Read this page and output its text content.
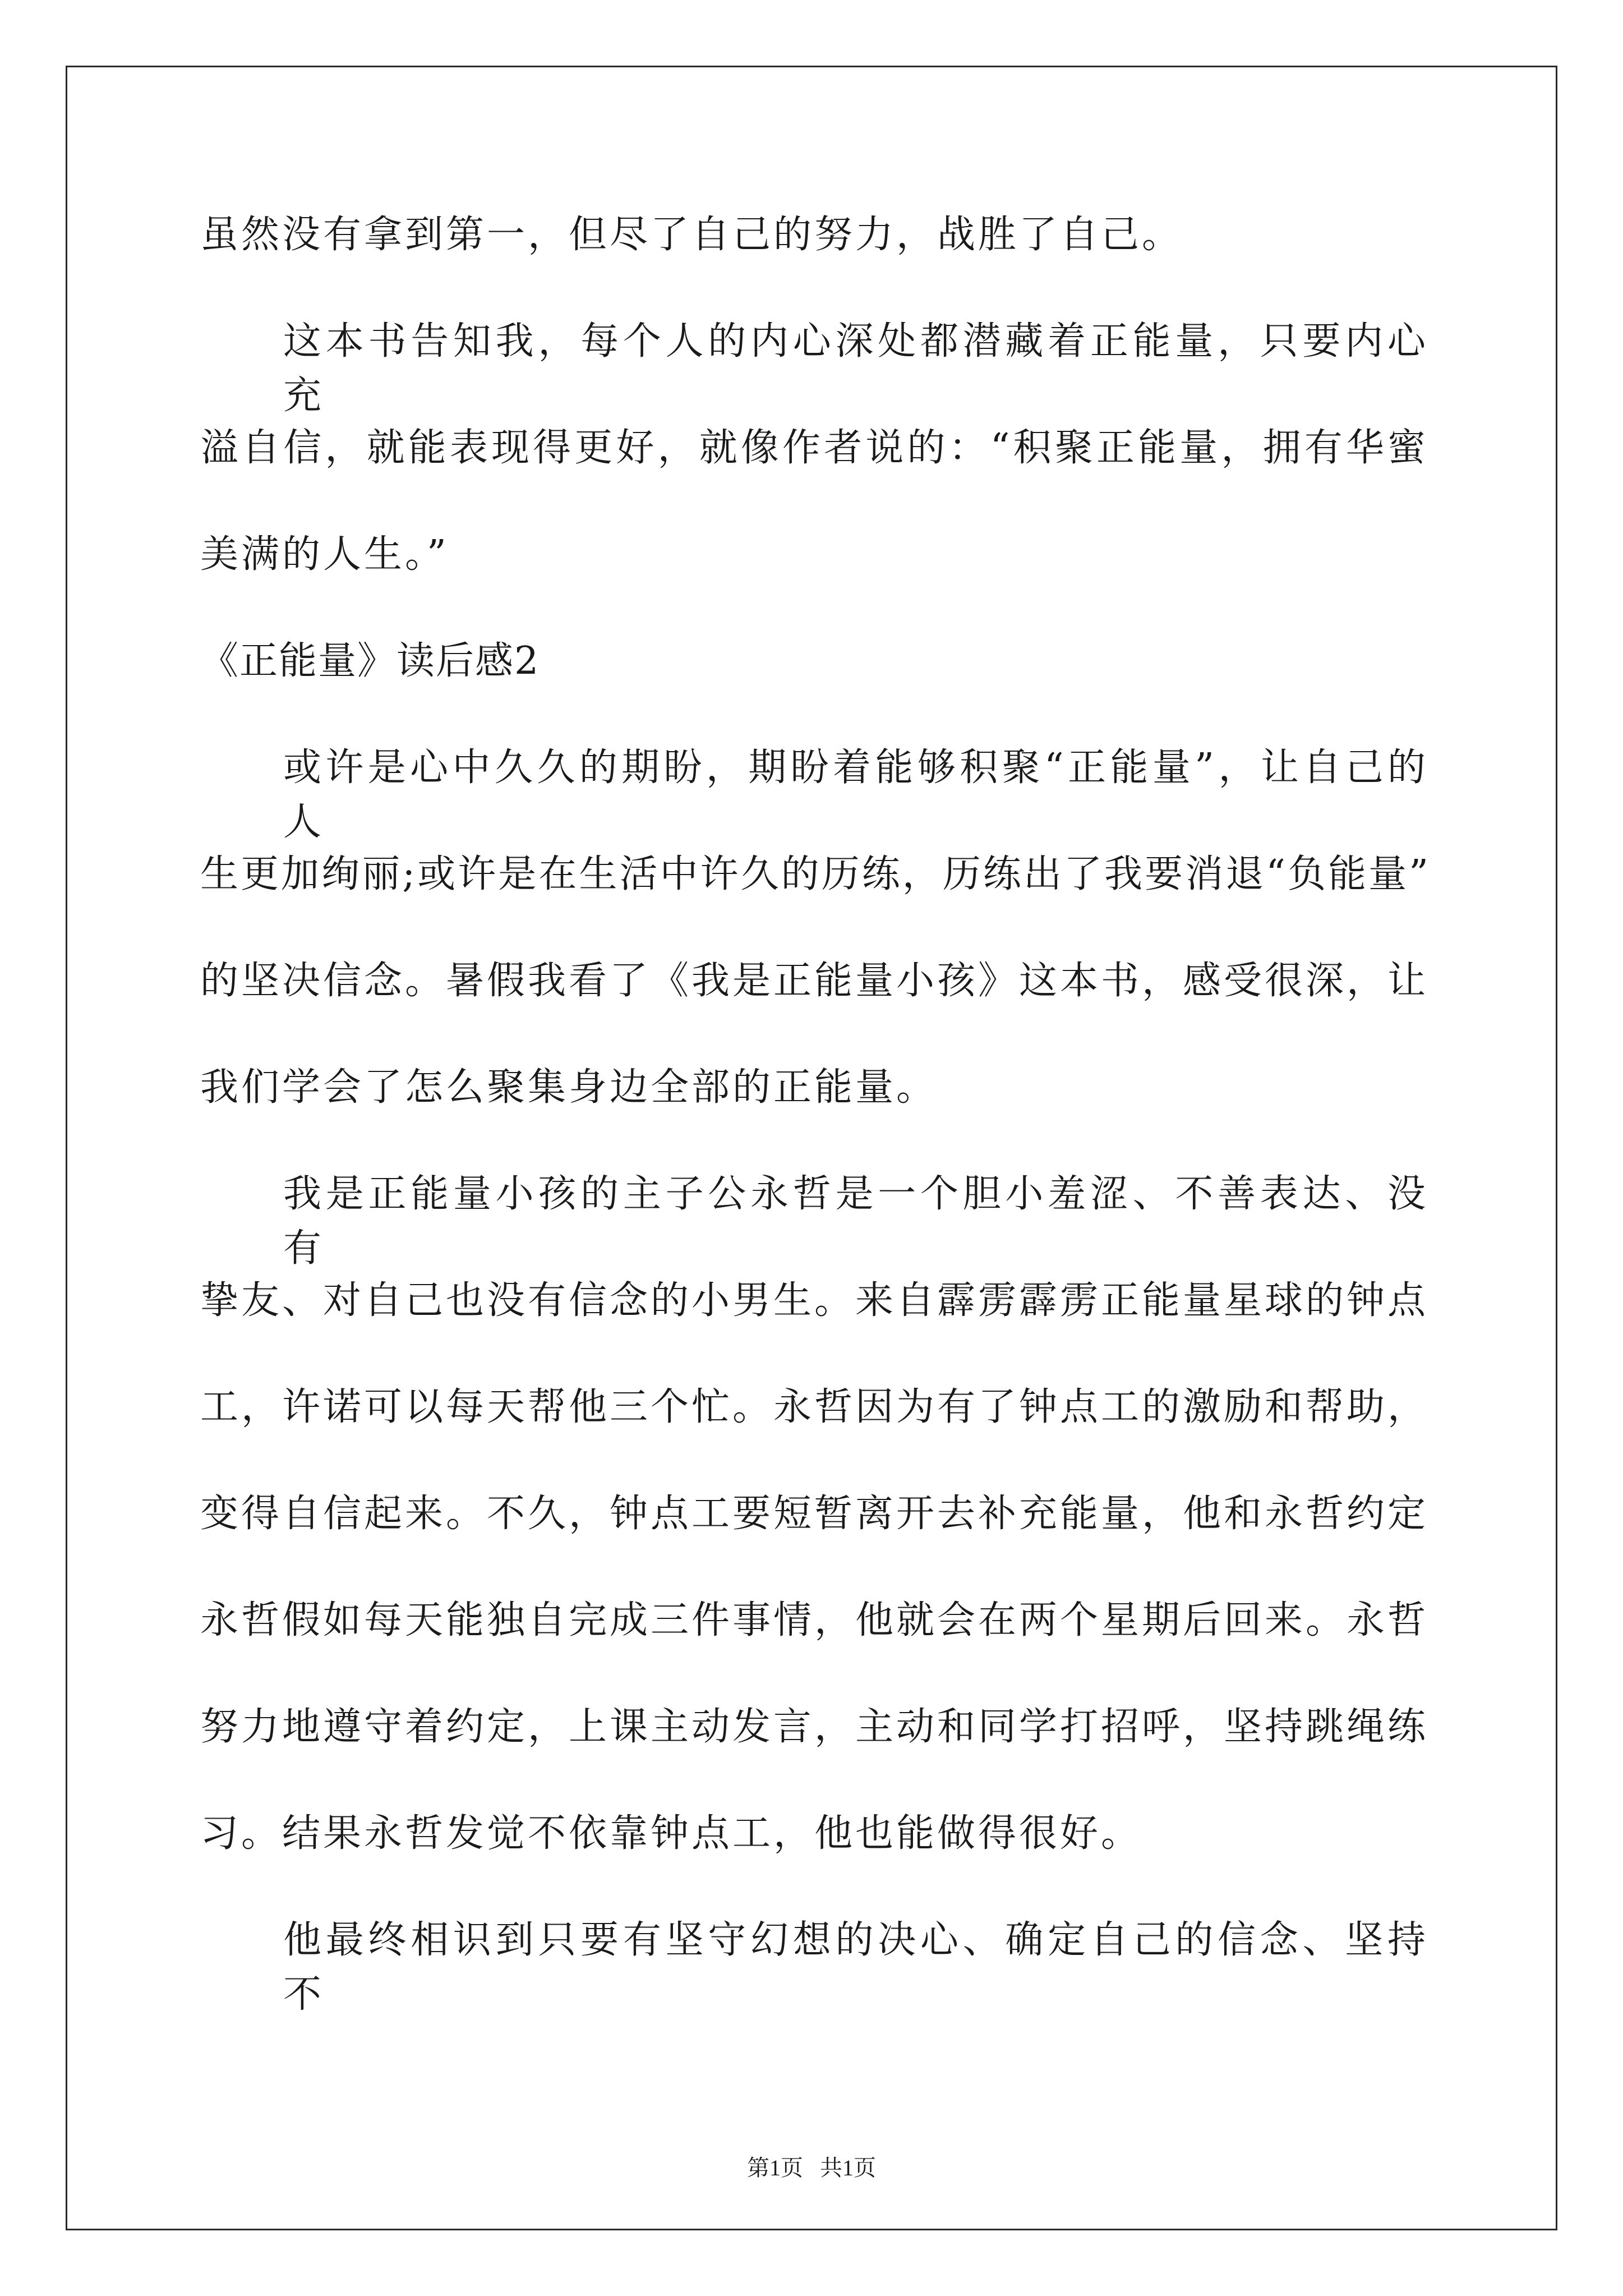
虽然没有拿到第一，但尽了自己的努力，战胜了自己。
这本书告知我，每个人的内心深处都潜藏着正能量，只要内心充
溢自信，就能表现得更好，就像作者说的：“积聚正能量，拥有华蜜
美满的人生。”
《正能量》读后感2
或许是心中久久的期盼，期盼着能够积聚“正能量”，让自己的人
生更加绚丽;或许是在生活中许久的历练，历练出了我要消退“负能量”
的坚决信念。暑假我看了《我是正能量小孩》这本书，感受很深，让
我们学会了怎么聚集身边全部的正能量。
我是正能量小孩的主子公永哲是一个胆小羞涩、不善表达、没有
挚友、对自己也没有信念的小男生。来自霹雳霹雳正能量星球的钟点
工，许诺可以每天帮他三个忙。永哲因为有了钟点工的激励和帮助，
变得自信起来。不久，钟点工要短暂离开去补充能量，他和永哲约定
永哲假如每天能独自完成三件事情，他就会在两个星期后回来。永哲
努力地遵守着约定，上课主动发言，主动和同学打招呼，坚持跳绳练
习。结果永哲发觉不依靠钟点工，他也能做得很好。
他最终相识到只要有坚守幻想的决心、确定自己的信念、坚持不
第1页   共1页
